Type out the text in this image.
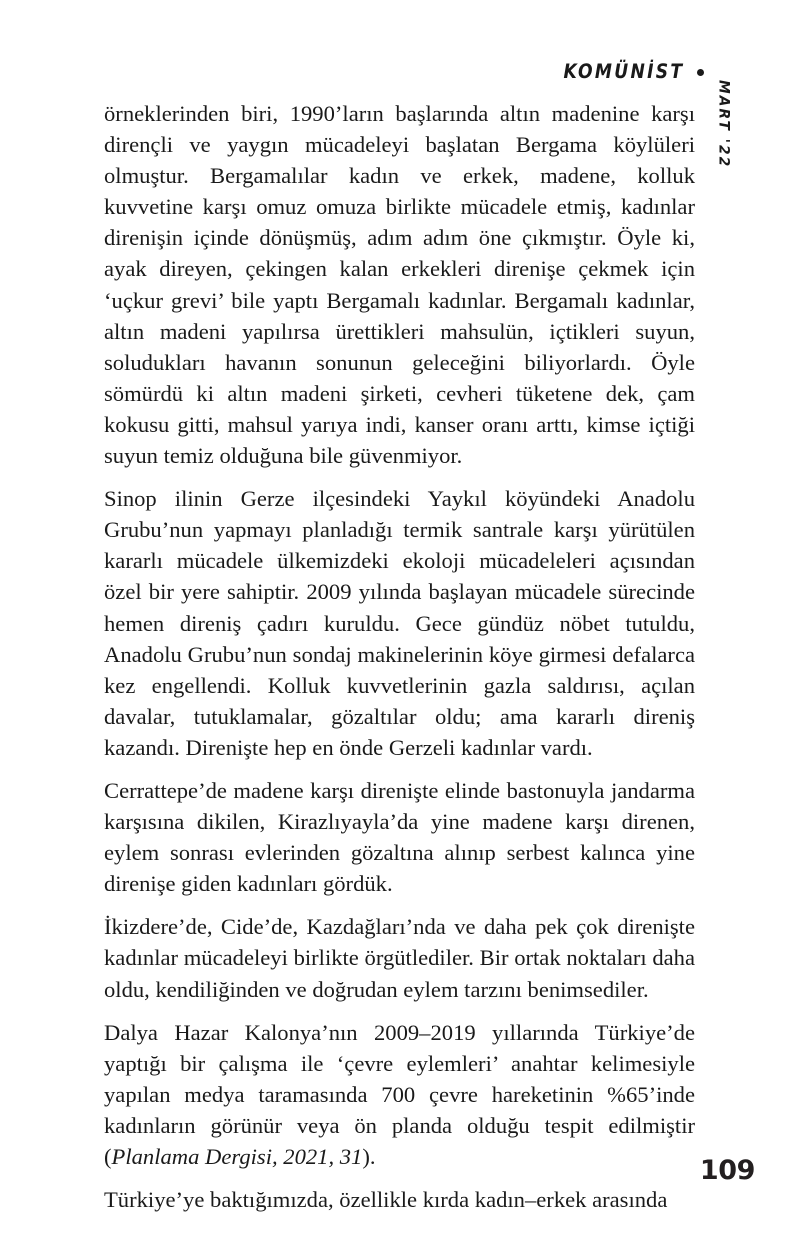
KOMÜNİST
MART '22

örneklerinden biri, 1990’ların başlarında altın madenine karşı dirençli ve yaygın mücadeleyi başlatan Bergama köylüleri olmuştur. Bergamalılar kadın ve erkek, madene, kolluk kuvvetine karşı omuz omuza birlikte mücadele etmiş, kadınlar direnişin içinde dönüşmüş, adım adım öne çıkmıştır. Öyle ki, ayak direyen, çekingen kalan erkekleri direnişe çekmek için ‘uçkur grevi’ bile yaptı Bergamalı kadınlar. Bergamalı kadınlar, altın madeni yapılırsa ürettikleri mahsulün, içtikleri suyun, soludukları havanın sonunun geleceğini biliyorlardı. Öyle sömürdü ki altın madeni şirketi, cevheri tüketene dek, çam kokusu gitti, mahsul yarıya indi, kanser oranı arttı, kimse içtiği suyun temiz olduğuna bile güvenmiyor.

Sinop ilinin Gerze ilçesindeki Yaykıl köyündeki Anadolu Grubu’nun yapmayı planladığı termik santrale karşı yürütülen kararlı mücadele ülkemizdeki ekoloji mücadeleleri açısından özel bir yere sahiptir. 2009 yılında başlayan mücadele sürecinde hemen direniş çadırı kuruldu. Gece gündüz nöbet tutuldu, Anadolu Grubu’nun sondaj makinelerinin köye girmesi defalarca kez engellendi. Kolluk kuvvetlerinin gazla saldırısı, açılan davalar, tutuklamalar, gözaltılar oldu; ama kararlı direniş kazandı. Direnişte hep en önde Gerzeli kadınlar vardı.

Cerrattepe’de madene karşı direnişte elinde bastonuyla jandarma karşısına dikilen, Kirazlıyayla’da yine madene karşı direnen, eylem sonrası evlerinden gözaltına alınıp serbest kalınca yine direnişe giden kadınları gördük.

İkizdere’de, Cide’de, Kazdağları’nda ve daha pek çok direnişte kadınlar mücadeleyi birlikte örgütlediler. Bir ortak noktaları daha oldu, kendiliğinden ve doğrudan eylem tarzını benimsediler.

Dalya Hazar Kalonya’nın 2009–2019 yıllarında Türkiye’de yaptığı bir çalışma ile ‘çevre eylemleri’ anahtar kelimesiyle yapılan medya taramasında 700 çevre hareketinin %65’inde kadınların görünür veya ön planda olduğu tespit edilmiştir (Planlama Dergisi, 2021, 31).

Türkiye’ye baktığımızda, özellikle kırda kadın–erkek arasında

109
